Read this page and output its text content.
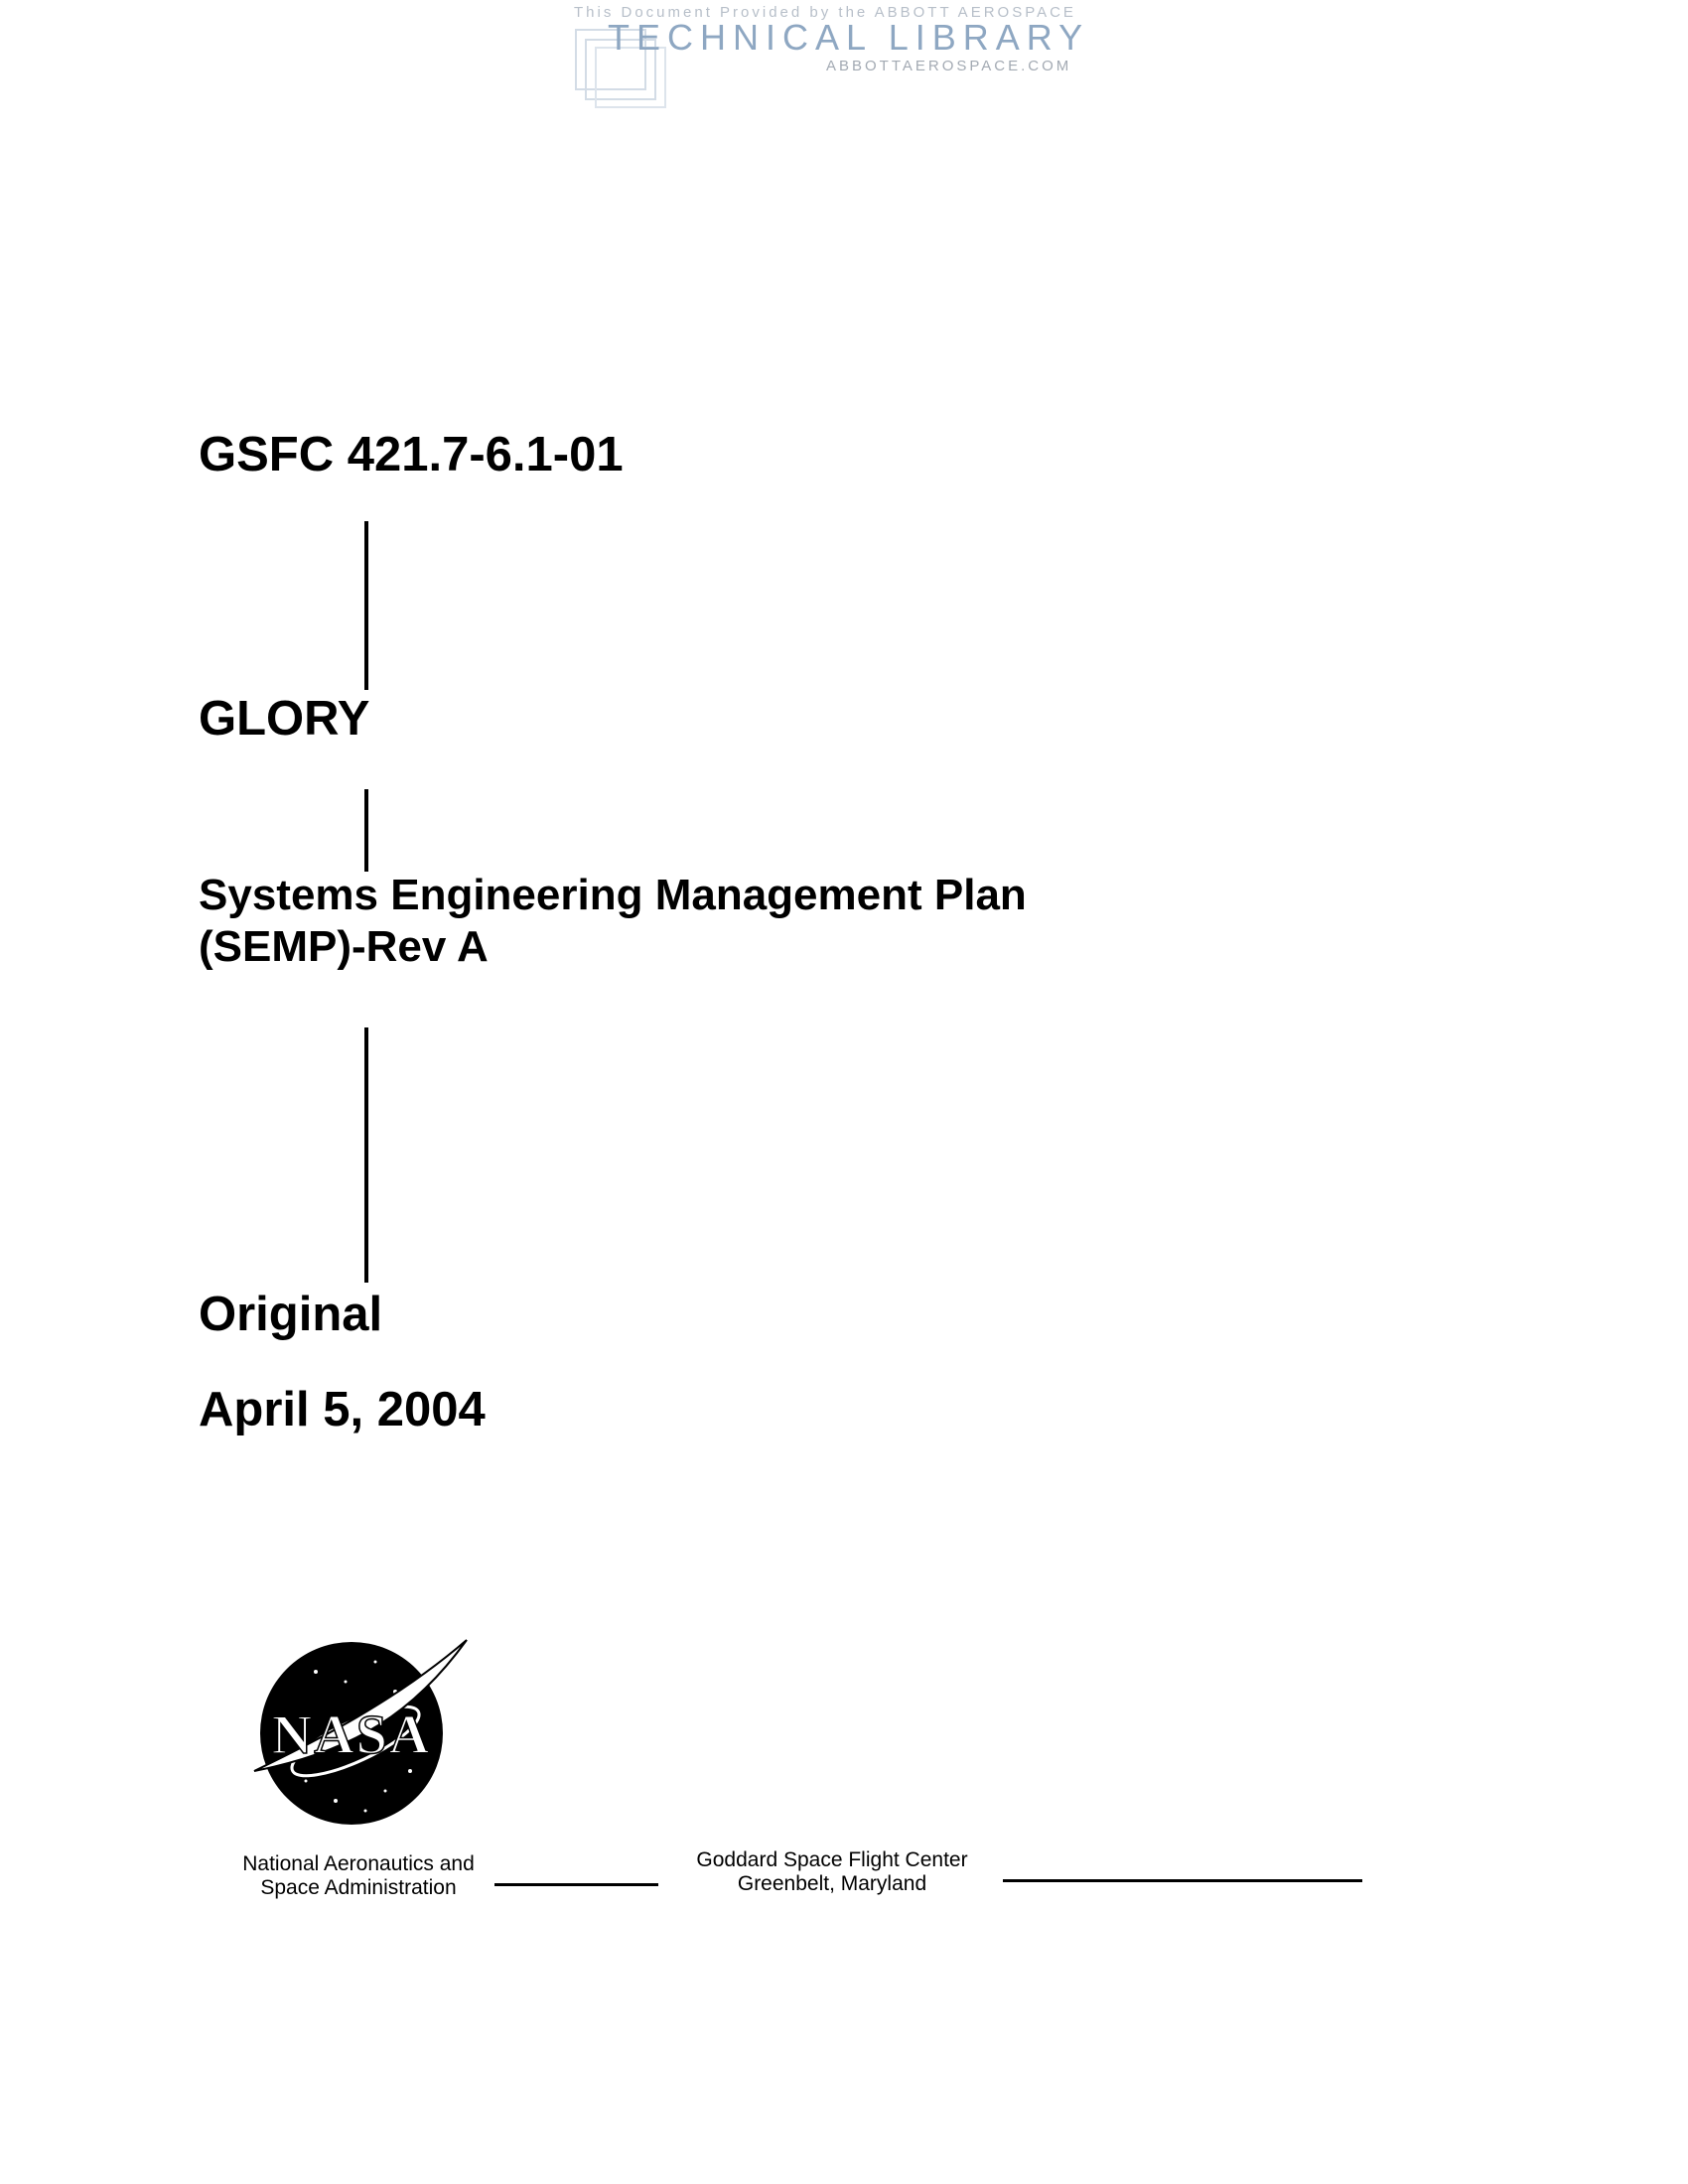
This Document Provided by the ABBOTT AEROSPACE
TECHNICAL LIBRARY
ABBOTTAEROSPACE.COM
GSFC 421.7-6.1-01
GLORY
Systems Engineering Management Plan
(SEMP)-Rev A
Original
April 5, 2004
NASA
National Aeronautics and
Space Administration
Goddard Space Flight Center
Greenbelt, Maryland
